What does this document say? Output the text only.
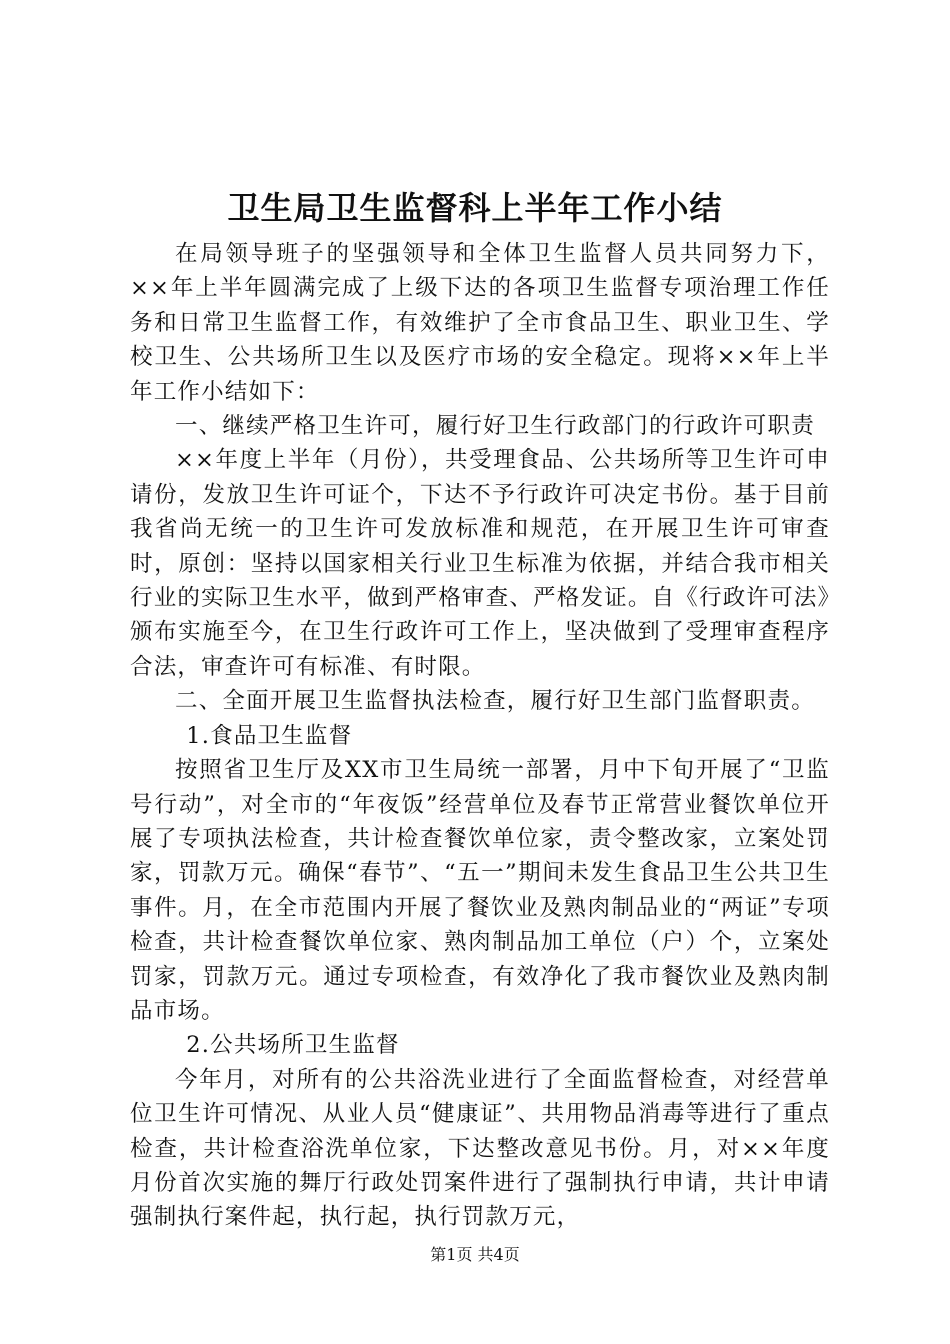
卫生局卫生监督科上半年工作小结

在局领导班子的坚强领导和全体卫生监督人员共同努力下，××年上半年圆满完成了上级下达的各项卫生监督专项治理工作任务和日常卫生监督工作，有效维护了全市食品卫生、职业卫生、学校卫生、公共场所卫生以及医疗市场的安全稳定。现将××年上半年工作小结如下：

一、继续严格卫生许可，履行好卫生行政部门的行政许可职责

××年度上半年（月份），共受理食品、公共场所等卫生许可申请份，发放卫生许可证个，下达不予行政许可决定书份。基于目前我省尚无统一的卫生许可发放标准和规范，在开展卫生许可审查时，原创：坚持以国家相关行业卫生标准为依据，并结合我市相关行业的实际卫生水平，做到严格审查、严格发证。自《行政许可法》颁布实施至今，在卫生行政许可工作上，坚决做到了受理审查程序合法，审查许可有标准、有时限。

二、全面开展卫生监督执法检查，履行好卫生部门监督职责。

1.食品卫生监督

按照省卫生厅及XX市卫生局统一部署，月中下旬开展了“卫监号行动”，对全市的“年夜饭”经营单位及春节正常营业餐饮单位开展了专项执法检查，共计检查餐饮单位家，责令整改家，立案处罚家，罚款万元。确保“春节”、“五一”期间未发生食品卫生公共卫生事件。月，在全市范围内开展了餐饮业及熟肉制品业的“两证”专项检查，共计检查餐饮单位家、熟肉制品加工单位（户）个，立案处罚家，罚款万元。通过专项检查，有效净化了我市餐饮业及熟肉制品市场。

2.公共场所卫生监督

今年月，对所有的公共浴洗业进行了全面监督检查，对经营单位卫生许可情况、从业人员“健康证”、共用物品消毒等进行了重点检查，共计检查浴洗单位家，下达整改意见书份。月，对××年度月份首次实施的舞厅行政处罚案件进行了强制执行申请，共计申请强制执行案件起，执行起，执行罚款万元，

第1页 共4页
